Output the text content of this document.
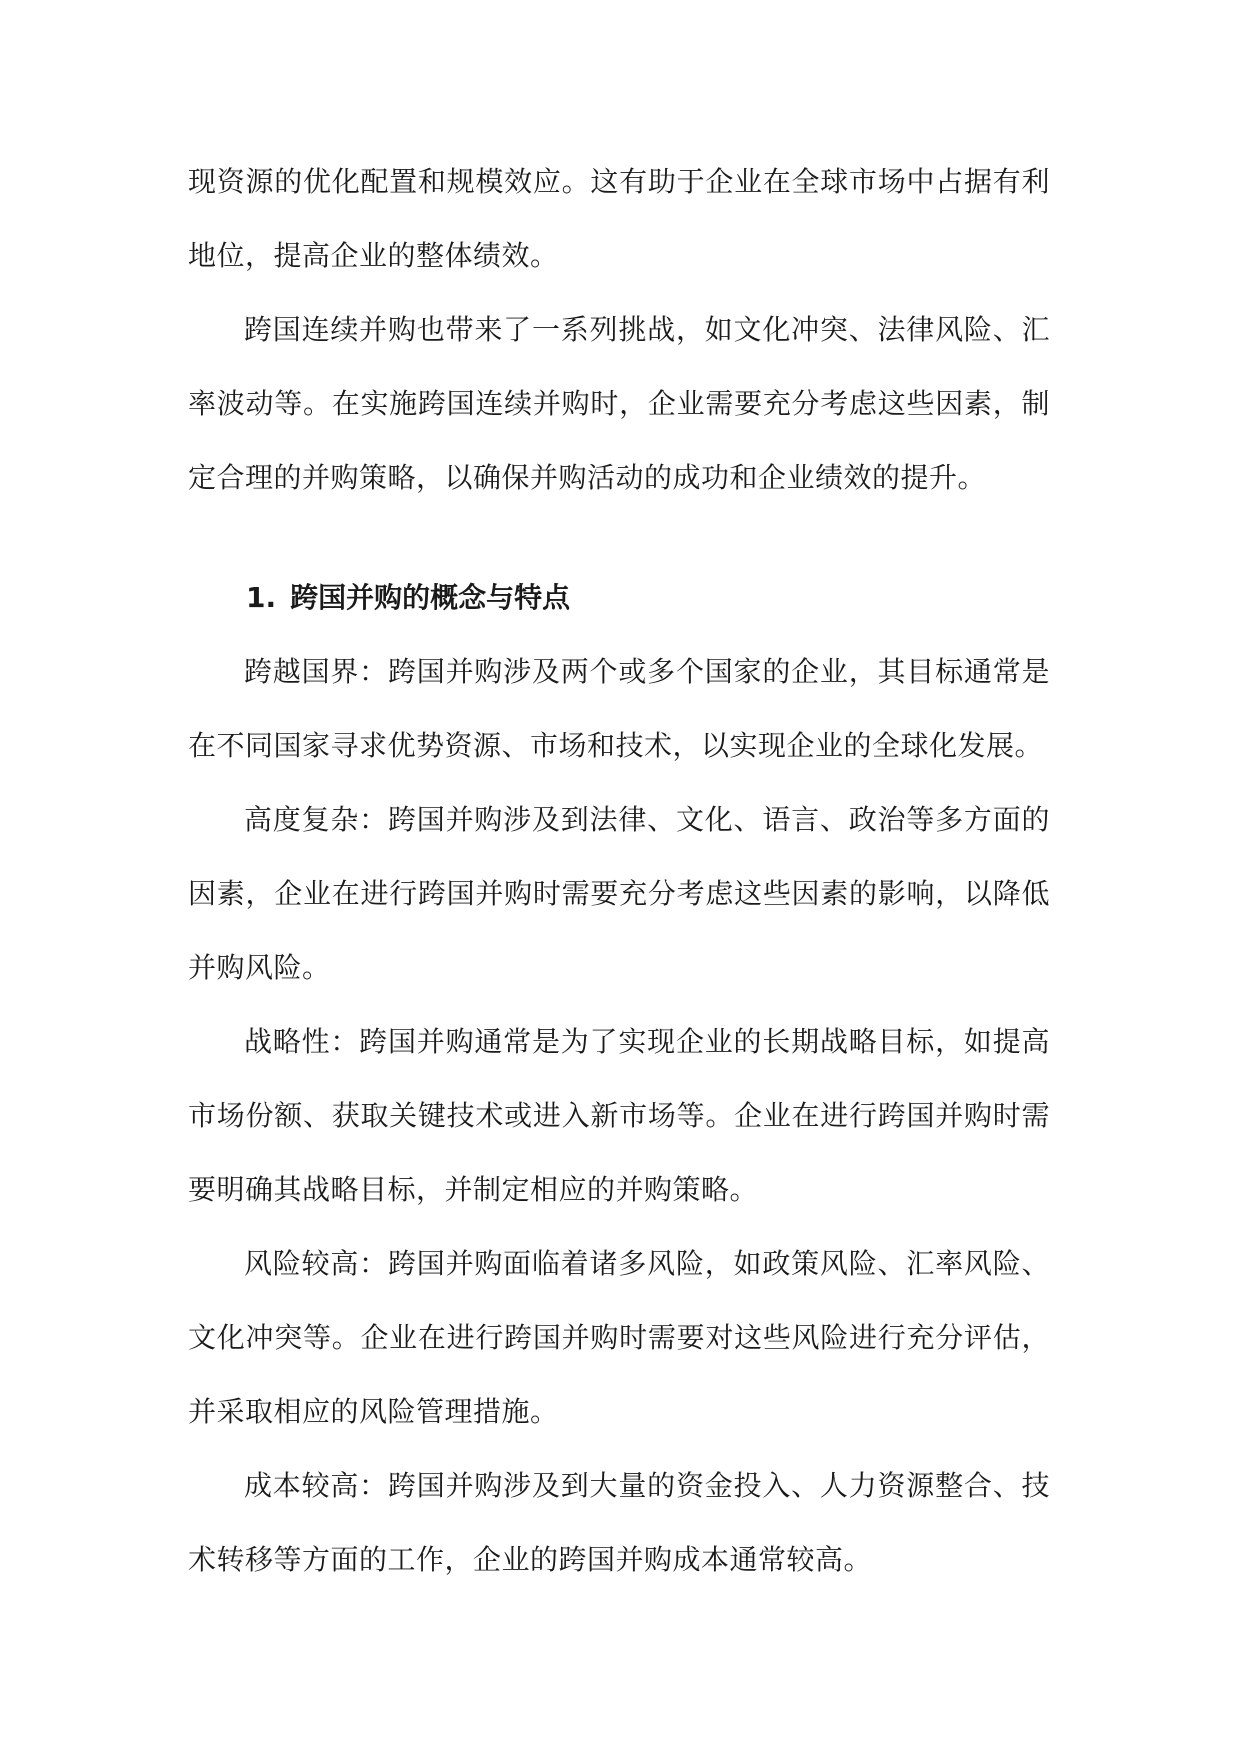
现资源的优化配置和规模效应。这有助于企业在全球市场中占据有利地位，提高企业的整体绩效。

跨国连续并购也带来了一系列挑战，如文化冲突、法律风险、汇率波动等。在实施跨国连续并购时，企业需要充分考虑这些因素，制定合理的并购策略，以确保并购活动的成功和企业绩效的提升。

1. 跨国并购的概念与特点

跨越国界：跨国并购涉及两个或多个国家的企业，其目标通常是在不同国家寻求优势资源、市场和技术，以实现企业的全球化发展。

高度复杂：跨国并购涉及到法律、文化、语言、政治等多方面的因素，企业在进行跨国并购时需要充分考虑这些因素的影响，以降低并购风险。

战略性：跨国并购通常是为了实现企业的长期战略目标，如提高市场份额、获取关键技术或进入新市场等。企业在进行跨国并购时需要明确其战略目标，并制定相应的并购策略。

风险较高：跨国并购面临着诸多风险，如政策风险、汇率风险、文化冲突等。企业在进行跨国并购时需要对这些风险进行充分评估，并采取相应的风险管理措施。

成本较高：跨国并购涉及到大量的资金投入、人力资源整合、技术转移等方面的工作，企业的跨国并购成本通常较高。
